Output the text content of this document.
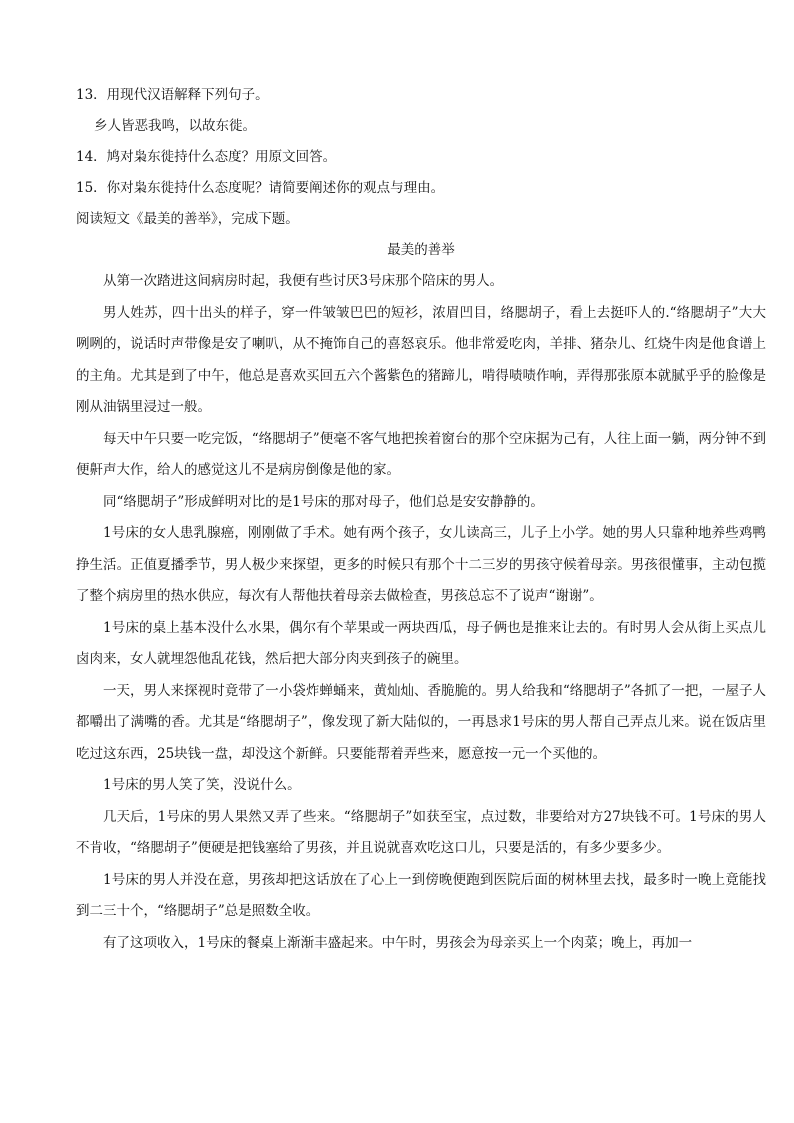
13．用现代汉语解释下列句子。
乡人皆恶我鸣，以故东徙。
14．鸠对枭东徙持什么态度？用原文回答。
15．你对枭东徙持什么态度呢？请简要阐述你的观点与理由。
阅读短文《最美的善举》，完成下题。
最美的善举

从第一次踏进这间病房时起，我便有些讨厌3号床那个陪床的男人。

男人姓苏，四十出头的样子，穿一件皱皱巴巴的短衫，浓眉凹目，络腮胡子，看上去挺吓人的.“络腮胡子”大大咧咧的，说话时声带像是安了喇叭，从不掩饰自己的喜怒哀乐。他非常爱吃肉，羊排、猪杂儿、红烧牛肉是他食谱上的主角。尤其是到了中午，他总是喜欢买回五六个酱紫色的猪蹄儿，啃得啧啧作响，弄得那张原本就腻乎乎的脸像是刚从油锅里浸过一般。

每天中午只要一吃完饭，“络腮胡子”便毫不客气地把挨着窗台的那个空床据为己有，人往上面一躺，两分钟不到便鼾声大作，给人的感觉这儿不是病房倒像是他的家。

同“络腮胡子”形成鲜明对比的是1号床的那对母子，他们总是安安静静的。

1号床的女人患乳腺癌，刚刚做了手术。她有两个孩子，女儿读高三，儿子上小学。她的男人只靠种地养些鸡鸭挣生活。正值夏播季节，男人极少来探望，更多的时候只有那个十二三岁的男孩守候着母亲。男孩很懂事，主动包揽了整个病房里的热水供应，每次有人帮他扶着母亲去做检查，男孩总忘不了说声“谢谢”。

1号床的桌上基本没什么水果，偶尔有个苹果或一两块西瓜，母子俩也是推来让去的。有时男人会从街上买点儿卤肉来，女人就埋怨他乱花钱，然后把大部分肉夹到孩子的碗里。

一天，男人来探视时竟带了一小袋炸蝉蛹来，黄灿灿、香脆脆的。男人给我和“络腮胡子”各抓了一把，一屋子人都嚼出了满嘴的香。尤其是“络腮胡子”，像发现了新大陆似的，一再恳求1号床的男人帮自己弄点儿来。说在饭店里吃过这东西，25块钱一盘，却没这个新鲜。只要能帮着弄些来，愿意按一元一个买他的。

1号床的男人笑了笑，没说什么。

几天后，1号床的男人果然又弄了些来。“络腮胡子”如获至宝，点过数，非要给对方27块钱不可。1号床的男人不肯收，“络腮胡子”便硬是把钱塞给了男孩，并且说就喜欢吃这口儿，只要是活的，有多少要多少。

1号床的男人并没在意，男孩却把这话放在了心上一到傍晚便跑到医院后面的树林里去找，最多时一晚上竟能找到二三十个，“络腮胡子”总是照数全收。

有了这项收入，1号床的餐桌上渐渐丰盛起来。中午时，男孩会为母亲买上一个肉菜；晚上，再加一
